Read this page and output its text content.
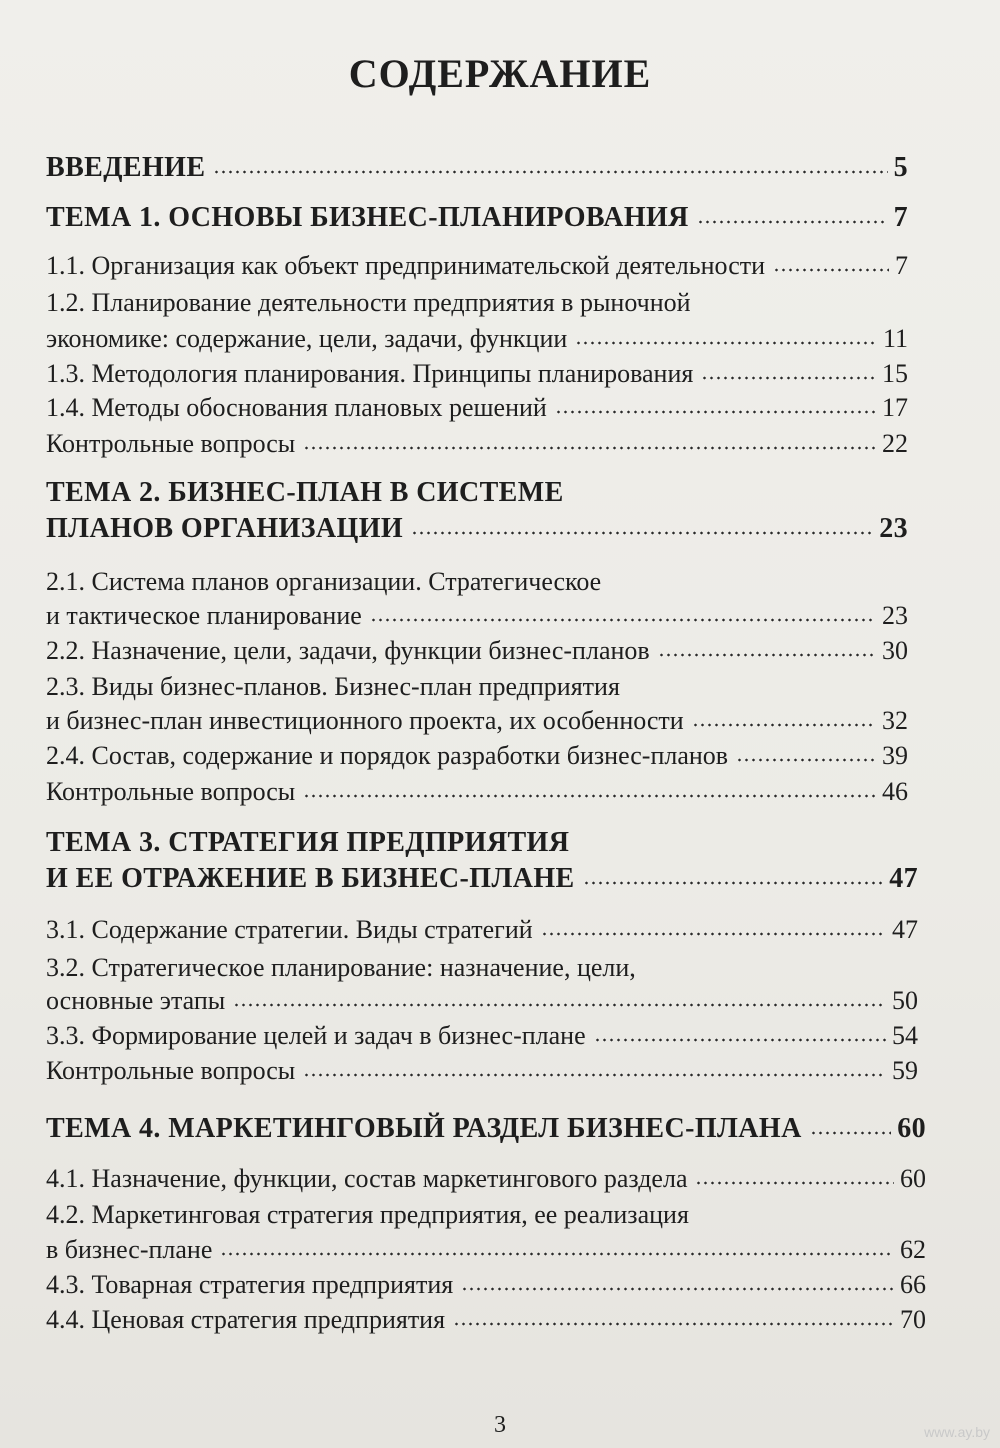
СОДЕРЖАНИЕ
ВВЕДЕНИЕ	5
ТЕМА 1. ОСНОВЫ БИЗНЕС-ПЛАНИРОВАНИЯ	7
1.1. Организация как объект предпринимательской деятельности	7
1.2. Планирование деятельности предприятия в рыночной
экономике: содержание, цели, задачи, функции	11
1.3. Методология планирования. Принципы планирования	15
1.4. Методы обоснования плановых решений	17
Контрольные вопросы	22
ТЕМА 2. БИЗНЕС-ПЛАН В СИСТЕМЕ
ПЛАНОВ ОРГАНИЗАЦИИ	23
2.1. Система планов организации. Стратегическое
и тактическое планирование	23
2.2. Назначение, цели, задачи, функции бизнес-планов	30
2.3. Виды бизнес-планов. Бизнес-план предприятия
и бизнес-план инвестиционного проекта, их особенности	32
2.4. Состав, содержание и порядок разработки бизнес-планов	39
Контрольные вопросы	46
ТЕМА 3. СТРАТЕГИЯ ПРЕДПРИЯТИЯ
И ЕЕ ОТРАЖЕНИЕ В БИЗНЕС-ПЛАНЕ	47
3.1. Содержание стратегии. Виды стратегий	47
3.2. Стратегическое планирование: назначение, цели,
основные этапы	50
3.3. Формирование целей и задач в бизнес-плане	54
Контрольные вопросы	59
ТЕМА 4. МАРКЕТИНГОВЫЙ РАЗДЕЛ БИЗНЕС-ПЛАНА	60
4.1. Назначение, функции, состав маркетингового раздела	60
4.2. Маркетинговая стратегия предприятия, ее реализация
в бизнес-плане	62
4.3. Товарная стратегия предприятия	66
4.4. Ценовая стратегия предприятия	70
3	www.ay.by
